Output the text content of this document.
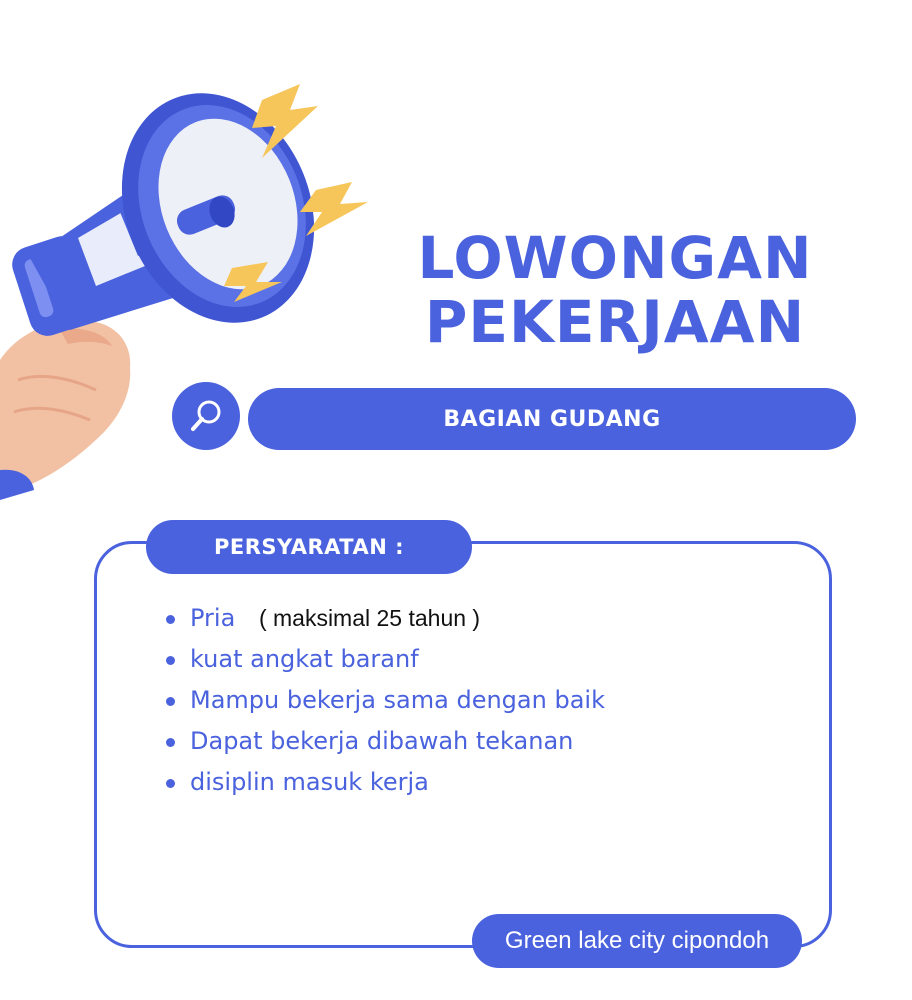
LOWONGAN
PEKERJAAN
BAGIAN GUDANG
PERSYARATAN :
Pria ( maksimal 25 tahun )
kuat angkat baranf
Mampu bekerja sama dengan baik
Dapat bekerja dibawah tekanan
disiplin masuk kerja
Green lake city cipondoh
